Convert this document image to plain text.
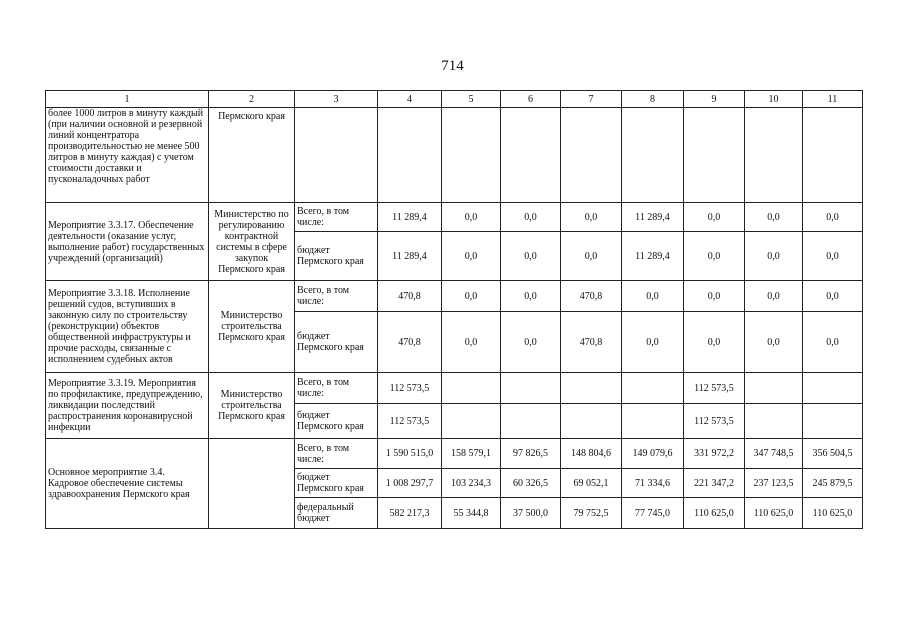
714
1	2	3	4	5	6	7	8	9	10	11
более 1000 литров в минуту каждый (при наличии основной и резервной линий концентратора производительностью не менее 500 литров в минуту каждая) с учетом стоимости доставки и пусконаладочных работ	Пермского края									
Мероприятие 3.3.17. Обеспечение деятельности (оказание услуг, выполнение работ) государственных учреждений (организаций)	Министерство по регулированию контрактной системы в сфере закупок Пермского края	Всего, в том числе:	11 289,4	0,0	0,0	0,0	11 289,4	0,0	0,0	0,0
		бюджет Пермского края	11 289,4	0,0	0,0	0,0	11 289,4	0,0	0,0	0,0
Мероприятие 3.3.18. Исполнение решений судов, вступивших в законную силу по строительству (реконструкции) объектов общественной инфраструктуры и прочие расходы, связанные с исполнением судебных актов	Министерство строительства Пермского края	Всего, в том числе:	470,8	0,0	0,0	470,8	0,0	0,0	0,0	0,0
		бюджет Пермского края	470,8	0,0	0,0	470,8	0,0	0,0	0,0	0,0
Мероприятие 3.3.19. Мероприятия по профилактике, предупреждению, ликвидации последствий распространения коронавирусной инфекции	Министерство строительства Пермского края	Всего, в том числе:	112 573,5					112 573,5		
		бюджет Пермского края	112 573,5					112 573,5		
Основное мероприятие 3.4. Кадровое обеспечение системы здравоохранения Пермского края		Всего, в том числе:	1 590 515,0	158 579,1	97 826,5	148 804,6	149 079,6	331 972,2	347 748,5	356 504,5
		бюджет Пермского края	1 008 297,7	103 234,3	60 326,5	69 052,1	71 334,6	221 347,2	237 123,5	245 879,5
		федеральный бюджет	582 217,3	55 344,8	37 500,0	79 752,5	77 745,0	110 625,0	110 625,0	110 625,0
